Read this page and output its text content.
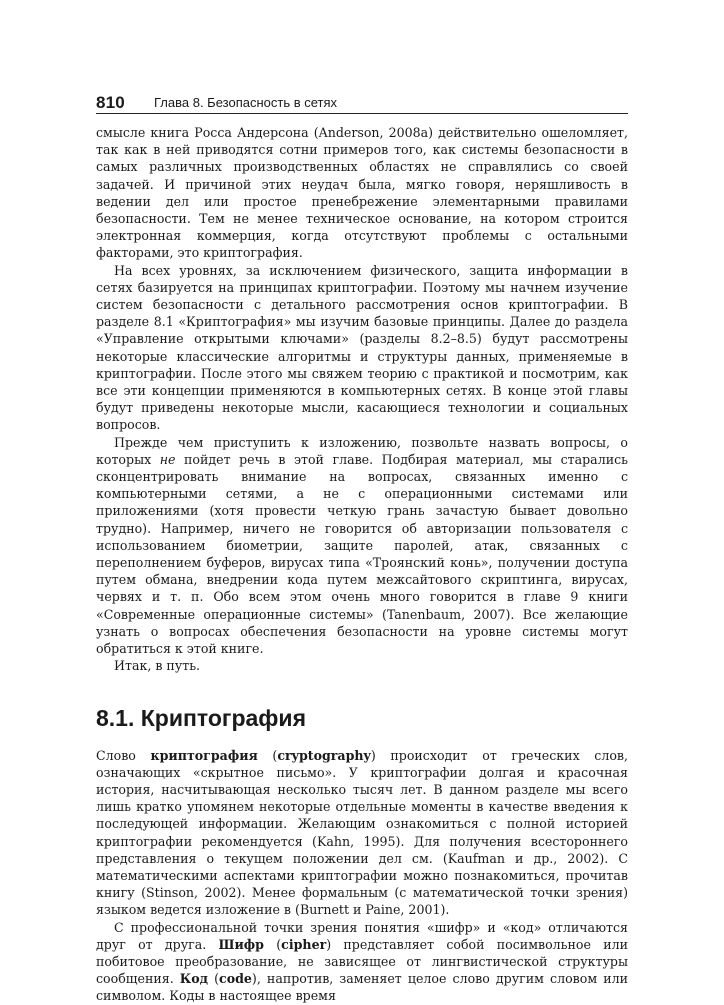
810 Глава 8. Безопасность в сетях

смысле книга Росса Андерсона (Anderson, 2008a) действительно ошеломляет, так как в ней приводятся сотни примеров того, как системы безопасности в самых различных производственных областях не справлялись со своей задачей. И причиной этих неудач была, мягко говоря, неряшливость в ведении дел или простое пренебрежение элементарными правилами безопасности. Тем не менее техническое основание, на котором строится электронная коммерция, когда отсутствуют проблемы с остальными факторами, это криптография.

На всех уровнях, за исключением физического, защита информации в сетях базируется на принципах криптографии. Поэтому мы начнем изучение систем безопасности с детального рассмотрения основ криптографии. В разделе 8.1 «Криптография» мы изучим базовые принципы. Далее до раздела «Управление открытыми ключами» (разделы 8.2–8.5) будут рассмотрены некоторые классические алгоритмы и структуры данных, применяемые в криптографии. После этого мы свяжем теорию с практикой и посмотрим, как все эти концепции применяются в компьютерных сетях. В конце этой главы будут приведены некоторые мысли, касающиеся технологии и социальных вопросов.

Прежде чем приступить к изложению, позвольте назвать вопросы, о которых не пойдет речь в этой главе. Подбирая материал, мы старались сконцентрировать внимание на вопросах, связанных именно с компьютерными сетями, а не с операционными системами или приложениями (хотя провести четкую грань зачастую бывает довольно трудно). Например, ничего не говорится об авторизации пользователя с использованием биометрии, защите паролей, атак, связанных с переполнением буферов, вирусах типа «Троянский конь», получении доступа путем обмана, внедрении кода путем межсайтового скриптинга, вирусах, червях и т. п. Обо всем этом очень много говорится в главе 9 книги «Современные операционные системы» (Tanenbaum, 2007). Все желающие узнать о вопросах обеспечения безопасности на уровне системы могут обратиться к этой книге.

Итак, в путь.

8.1. Криптография

Слово криптография (cryptography) происходит от греческих слов, означающих «скрытное письмо». У криптографии долгая и красочная история, насчитывающая несколько тысяч лет. В данном разделе мы всего лишь кратко упомянем некоторые отдельные моменты в качестве введения к последующей информации. Желающим ознакомиться с полной историей криптографии рекомендуется (Kahn, 1995). Для получения всестороннего представления о текущем положении дел см. (Kaufman и др., 2002). С математическими аспектами криптографии можно познакомиться, прочитав книгу (Stinson, 2002). Менее формальным (с математической точки зрения) языком ведется изложение в (Burnett и Paine, 2001).

С профессиональной точки зрения понятия «шифр» и «код» отличаются друг от друга. Шифр (cipher) представляет собой посимвольное или побитовое преобразование, не зависящее от лингвистической структуры сообщения. Код (code), напротив, заменяет целое слово другим словом или символом. Коды в настоящее время
